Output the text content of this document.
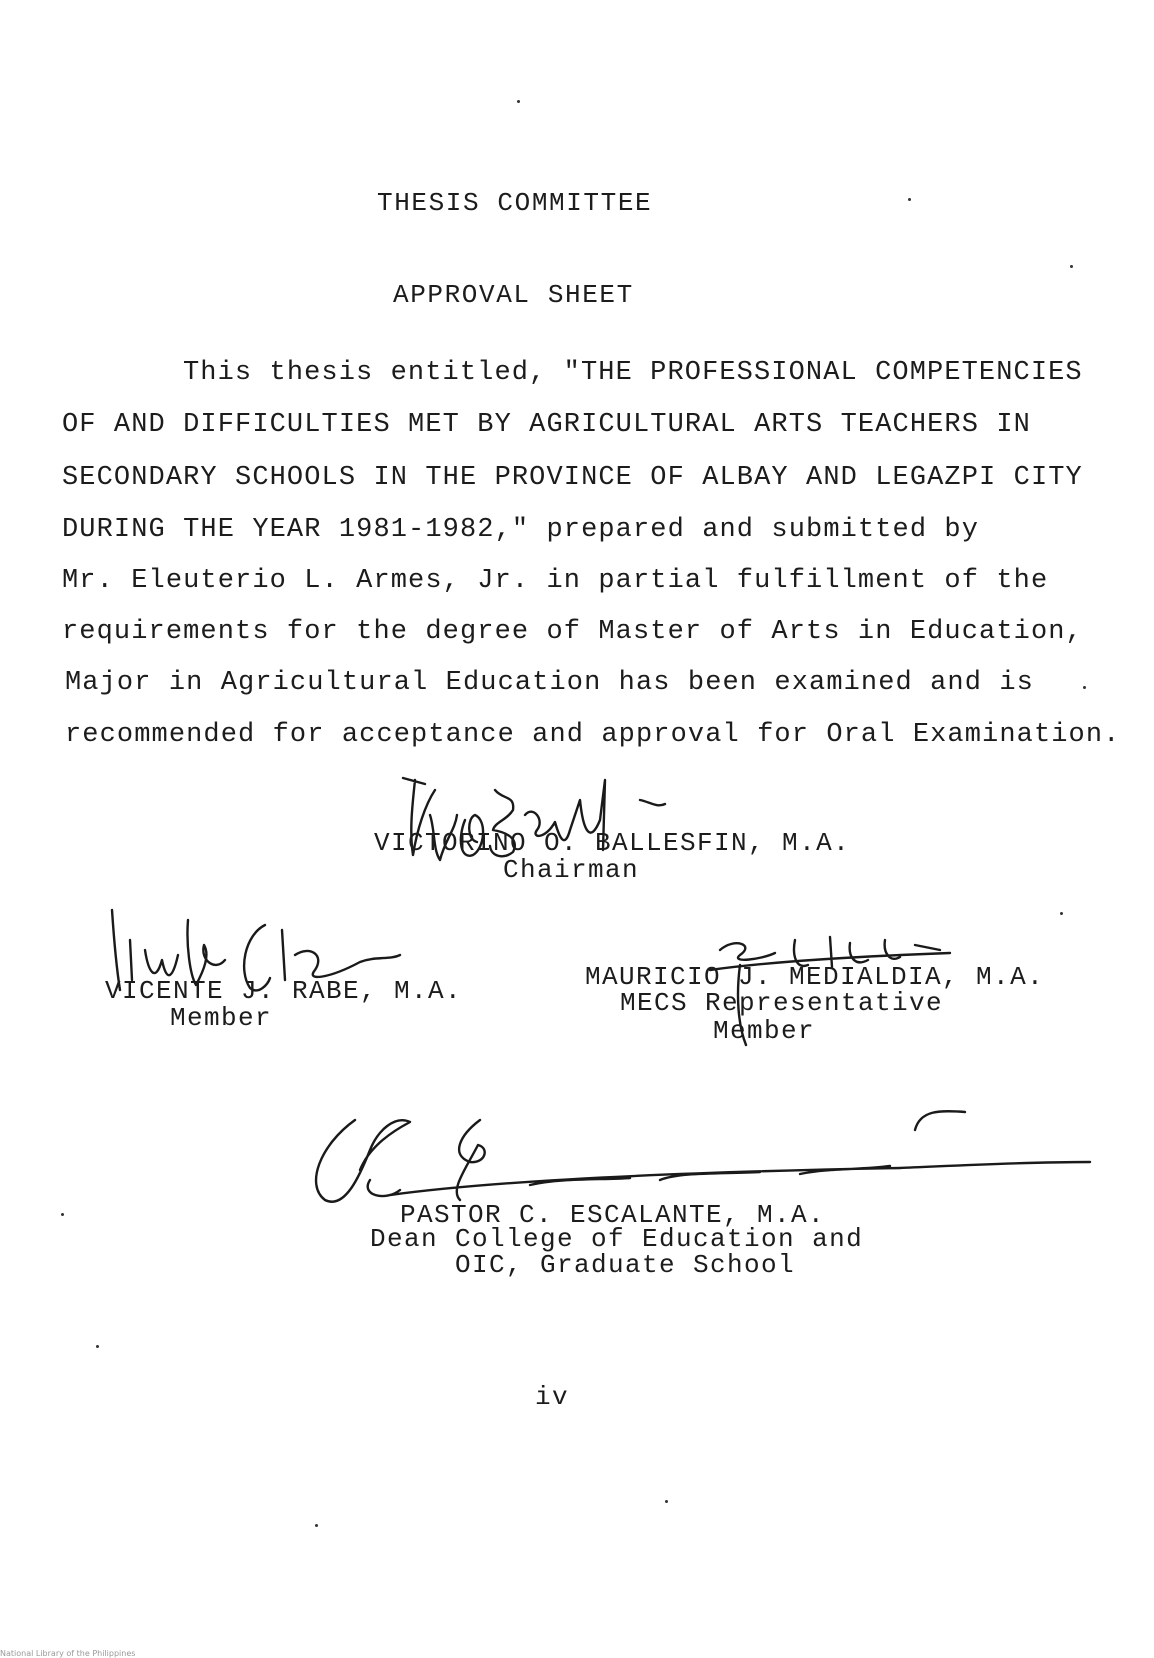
THESIS COMMITTEE
APPROVAL SHEET
This thesis entitled, "THE PROFESSIONAL COMPETENCIES
OF AND DIFFICULTIES MET BY AGRICULTURAL ARTS TEACHERS IN
SECONDARY SCHOOLS IN THE PROVINCE OF ALBAY AND LEGAZPI CITY
DURING THE YEAR 1981-1982," prepared and submitted by
Mr. Eleuterio L. Armes, Jr. in partial fulfillment of the
requirements for the degree of Master of Arts in Education,
Major in Agricultural Education has been examined and is
recommended for acceptance and approval for Oral Examination.
VICTORINO O. BALLESFIN, M.A.
Chairman
VICENTE J. RABE, M.A.
Member
MAURICIO J. MEDIALDIA, M.A.
MECS Representative
Member
PASTOR C. ESCALANTE, M.A.
Dean College of Education and
OIC, Graduate School
iv
National Library of the Philippines
